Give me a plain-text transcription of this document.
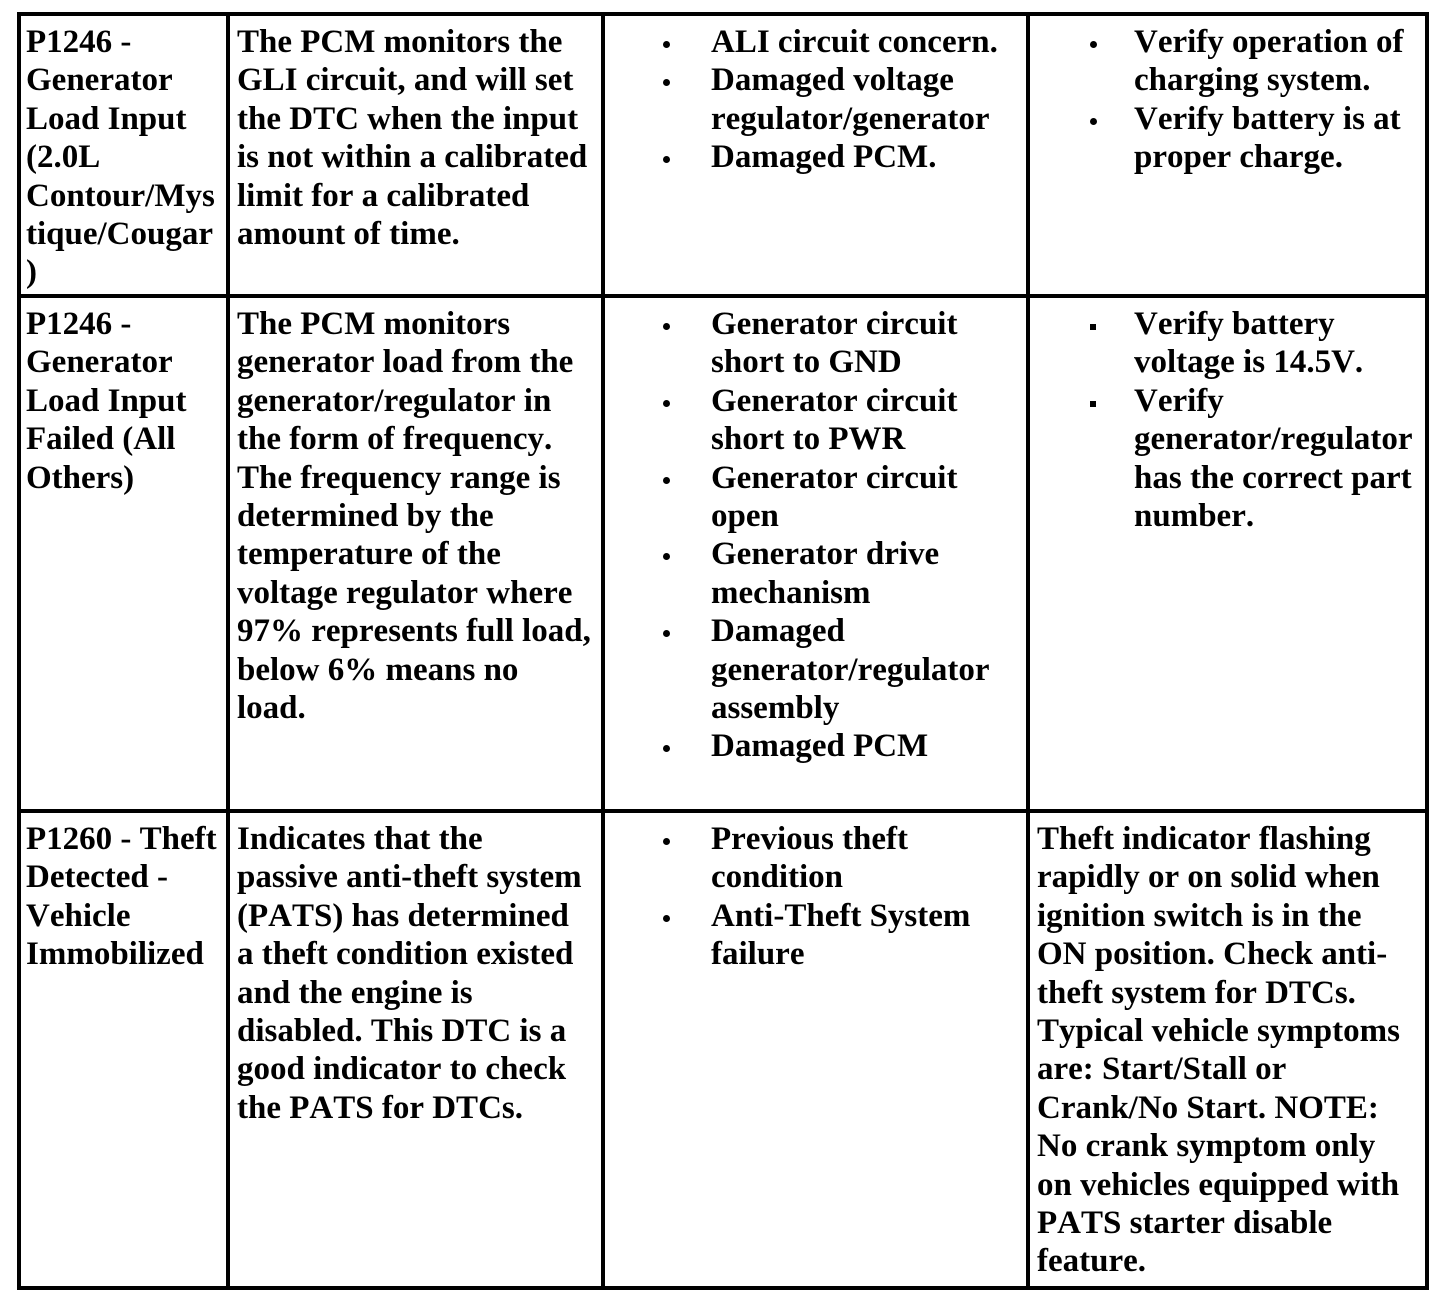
P1246 - Generator Load Input (2.0L Contour/Mystique/Cougar)
The PCM monitors the GLI circuit, and will set the DTC when the input is not within a calibrated limit for a calibrated amount of time.
ALI circuit concern.
Damaged voltage regulator/generator
Damaged PCM.
Verify operation of charging system.
Verify battery is at proper charge.
P1246 - Generator Load Input Failed (All Others)
The PCM monitors generator load from the generator/regulator in the form of frequency. The frequency range is determined by the temperature of the voltage regulator where 97% represents full load, below 6% means no load.
Generator circuit short to GND
Generator circuit short to PWR
Generator circuit open
Generator drive mechanism
Damaged generator/regulator assembly
Damaged PCM
Verify battery voltage is 14.5V.
Verify generator/regulator has the correct part number.
P1260 - Theft Detected - Vehicle Immobilized
Indicates that the passive anti-theft system (PATS) has determined a theft condition existed and the engine is disabled. This DTC is a good indicator to check the PATS for DTCs.
Previous theft condition
Anti-Theft System failure
Theft indicator flashing rapidly or on solid when ignition switch is in the ON position. Check anti-theft system for DTCs. Typical vehicle symptoms are: Start/Stall or Crank/No Start. NOTE: No crank symptom only on vehicles equipped with PATS starter disable feature.
